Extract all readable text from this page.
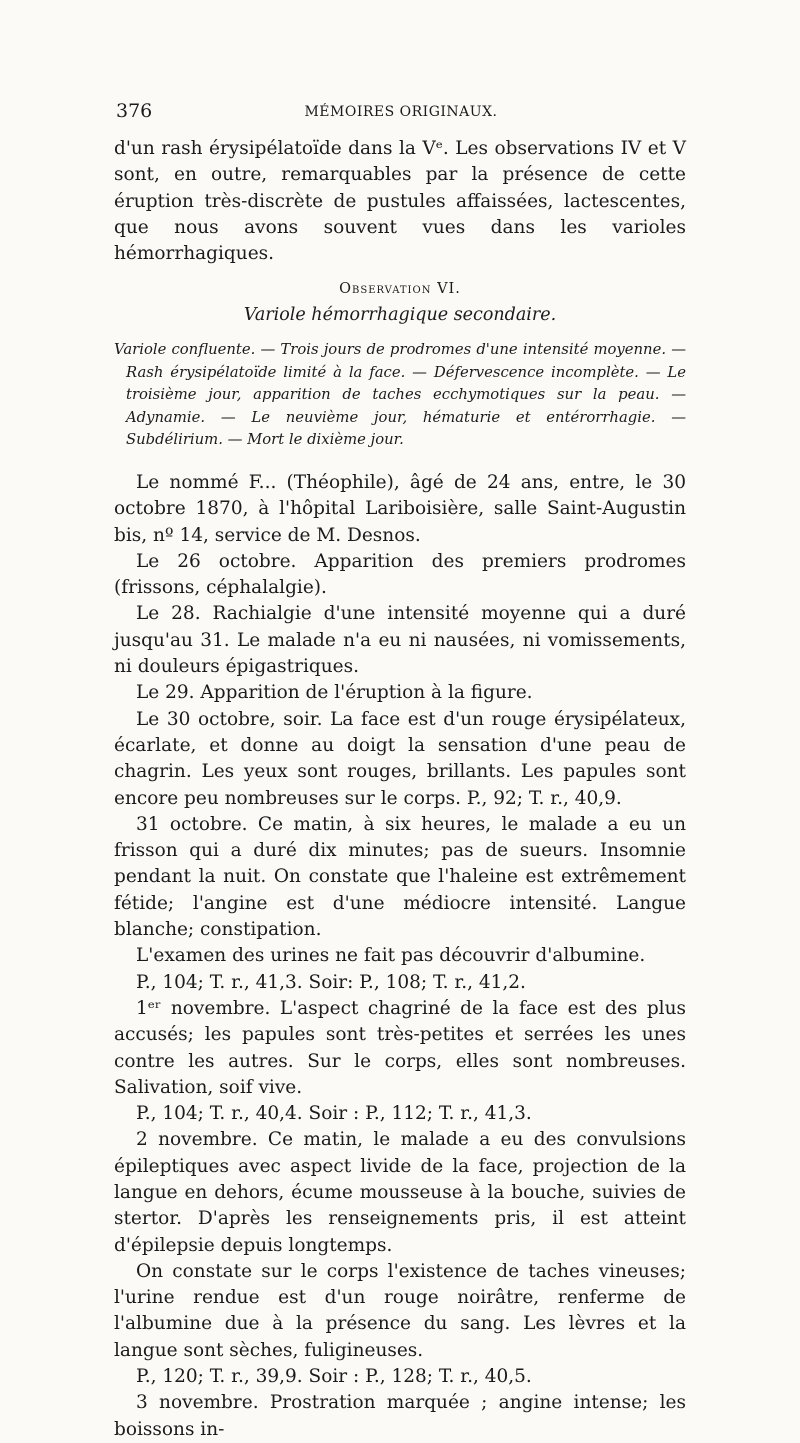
376	MÉMOIRES ORIGINAUX.

d'un rash érysipélatoïde dans la Vᵉ. Les observations IV et V sont, en outre, remarquables par la présence de cette éruption très-discrète de pustules affaissées, lactescentes, que nous avons souvent vues dans les varioles hémorrhagiques.

Observation VI.

Variole hémorrhagique secondaire.

Variole confluente. — Trois jours de prodromes d'une intensité moyenne. — Rash érysipélatoïde limité à la face. — Défervescence incomplète. — Le troisième jour, apparition de taches ecchymotiques sur la peau. — Adynamie. — Le neuvième jour, hématurie et entérorrhagie. — Subdélirium. — Mort le dixième jour.

Le nommé F... (Théophile), âgé de 24 ans, entre, le 30 octobre 1870, à l'hôpital Lariboisière, salle Saint-Augustin bis, nº 14, service de M. Desnos.

Le 26 octobre. Apparition des premiers prodromes (frissons, céphalalgie).

Le 28. Rachialgie d'une intensité moyenne qui a duré jusqu'au 31. Le malade n'a eu ni nausées, ni vomissements, ni douleurs épigastriques.

Le 29. Apparition de l'éruption à la figure.

Le 30 octobre, soir. La face est d'un rouge érysipélateux, écarlate, et donne au doigt la sensation d'une peau de chagrin. Les yeux sont rouges, brillants. Les papules sont encore peu nombreuses sur le corps. P., 92; T. r., 40,9.

31 octobre. Ce matin, à six heures, le malade a eu un frisson qui a duré dix minutes; pas de sueurs. Insomnie pendant la nuit. On constate que l'haleine est extrêmement fétide; l'angine est d'une médiocre intensité. Langue blanche; constipation.

L'examen des urines ne fait pas découvrir d'albumine.

P., 104; T. r., 41,3. Soir: P., 108; T. r., 41,2.

1ᵉʳ novembre. L'aspect chagriné de la face est des plus accusés; les papules sont très-petites et serrées les unes contre les autres. Sur le corps, elles sont nombreuses. Salivation, soif vive.

P., 104; T. r., 40,4. Soir : P., 112; T. r., 41,3.

2 novembre. Ce matin, le malade a eu des convulsions épileptiques avec aspect livide de la face, projection de la langue en dehors, écume mousseuse à la bouche, suivies de stertor. D'après les renseignements pris, il est atteint d'épilepsie depuis longtemps.

On constate sur le corps l'existence de taches vineuses; l'urine rendue est d'un rouge noirâtre, renferme de l'albumine due à la présence du sang. Les lèvres et la langue sont sèches, fuligineuses.

P., 120; T. r., 39,9. Soir : P., 128; T. r., 40,5.

3 novembre. Prostration marquée ; angine intense; les boissons in-
